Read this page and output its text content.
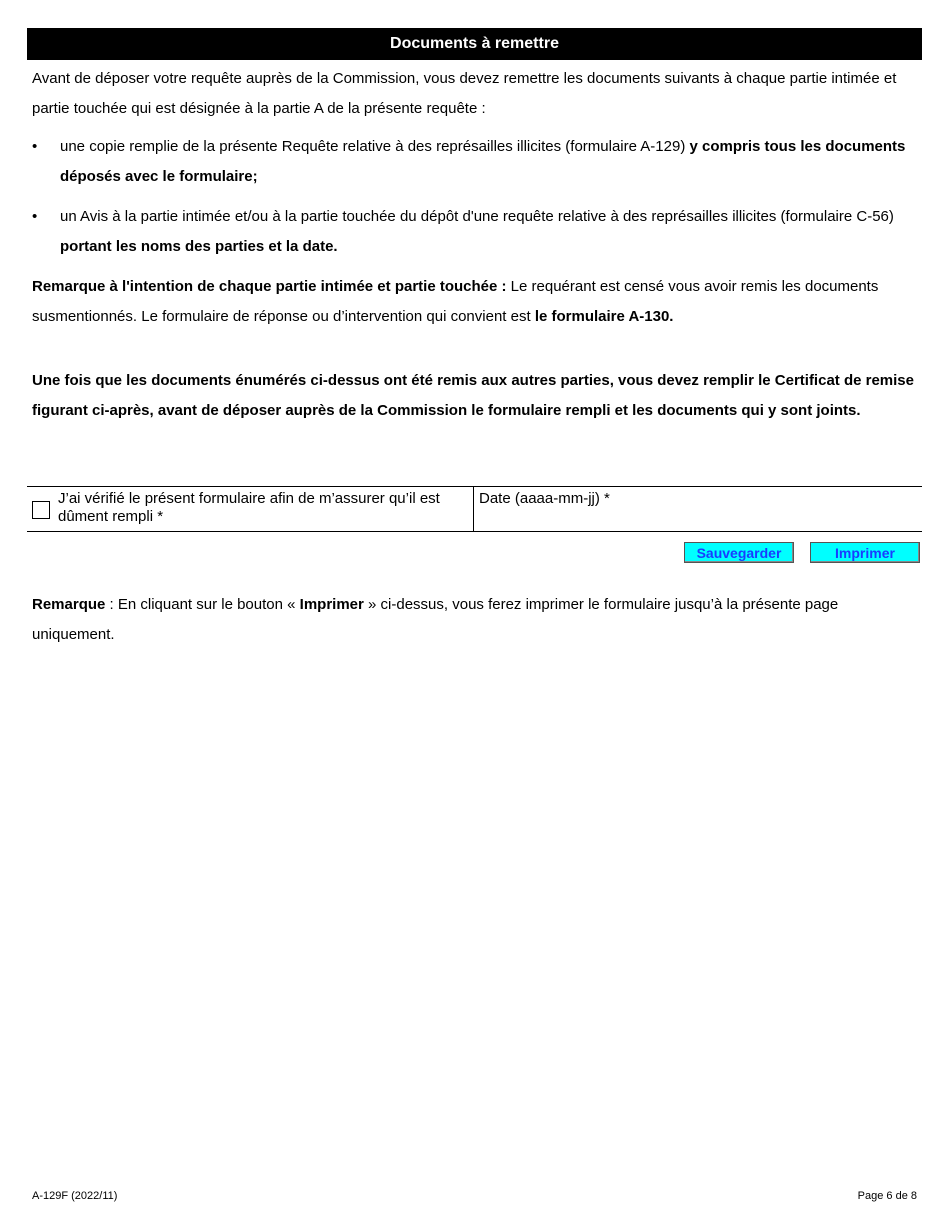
Documents à remettre
Avant de déposer votre requête auprès de la Commission, vous devez remettre les documents suivants à chaque partie intimée et partie touchée qui est désignée à la partie A de la présente requête :
•	une copie remplie de la présente Requête relative à des représailles illicites (formulaire A-129) y compris tous les documents déposés avec le formulaire;
•	un Avis à la partie intimée et/ou à la partie touchée du dépôt d'une requête relative à des représailles illicites (formulaire C-56) portant les noms des parties et la date.
Remarque à l'intention de chaque partie intimée et partie touchée : Le requérant est censé vous avoir remis les documents susmentionnés. Le formulaire de réponse ou d’intervention qui convient est le formulaire A-130.
Une fois que les documents énumérés ci-dessus ont été remis aux autres parties, vous devez remplir le Certificat de remise figurant ci-après, avant de déposer auprès de la Commission le formulaire rempli et les documents qui y sont joints.
J’ai vérifié le présent formulaire afin de m’assurer qu’il est dûment rempli *
Date (aaaa-mm-jj) *
Sauvegarder	Imprimer
Remarque : En cliquant sur le bouton « Imprimer » ci-dessus, vous ferez imprimer le formulaire jusqu’à la présente page uniquement.
A-129F (2022/11)	Page 6 de 8
